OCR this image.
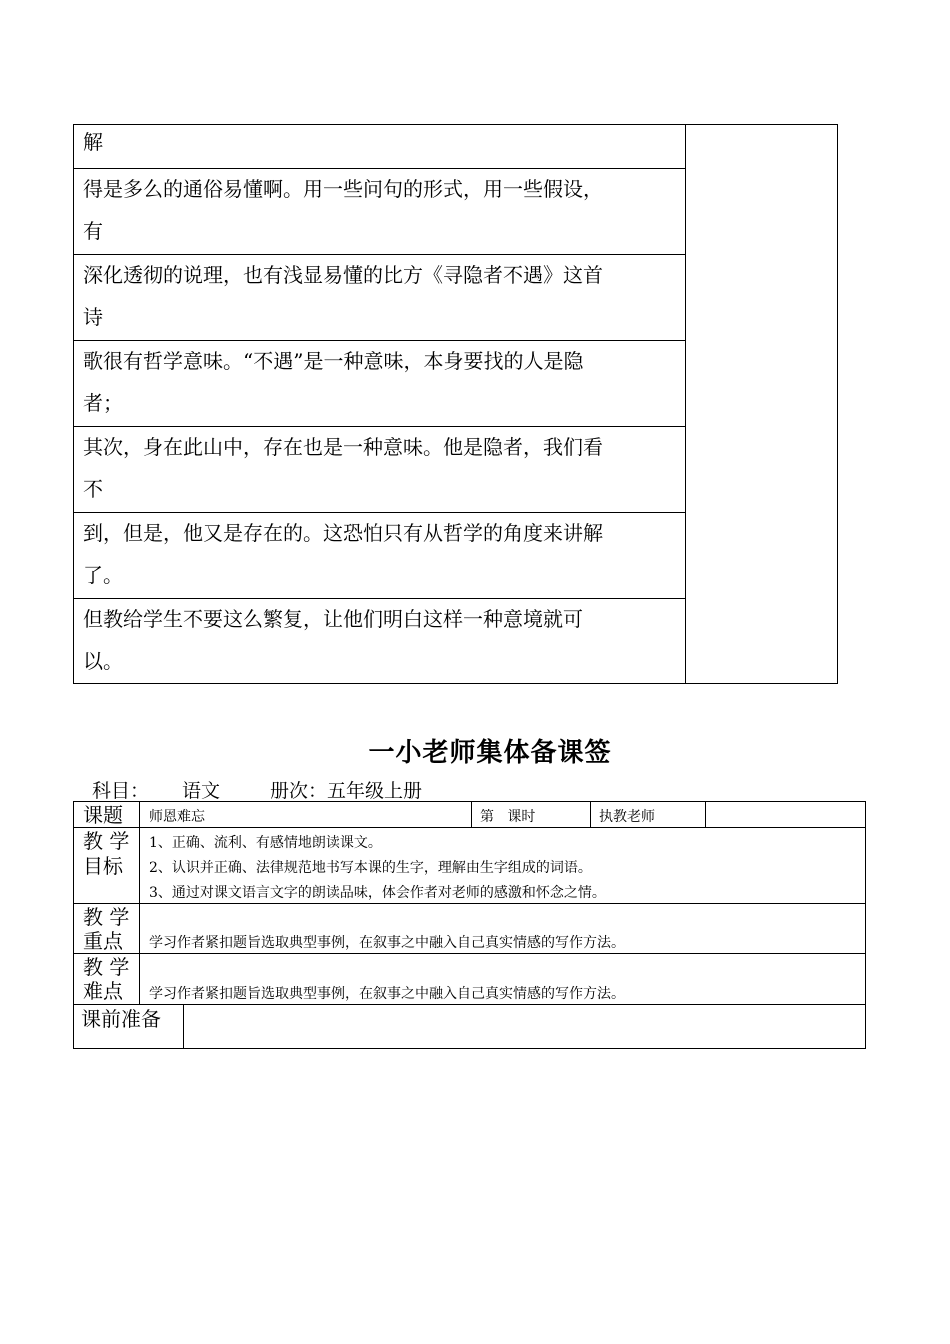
解
得是多么的通俗易懂啊。用一些问句的形式，用一些假设，
有
深化透彻的说理，也有浅显易懂的比方《寻隐者不遇》这首
诗
歌很有哲学意味。“不遇”是一种意味，本身要找的人是隐
者；
其次，身在此山中，存在也是一种意味。他是隐者，我们看
不
到，但是，他又是存在的。这恐怕只有从哲学的角度来讲解
了。
但教给学生不要这么繁复，让他们明白这样一种意境就可
以。
一小老师集体备课签
科目： 语文	册次：五年级上册
课题 师恩难忘	第   课时	执教老师
教 学
目标
1、正确、流利、有感情地朗读课文。
2、认识并正确、法律规范地书写本课的生字，理解由生字组成的词语。
3、通过对课文语言文字的朗读品味，体会作者对老师的感激和怀念之情。
教 学
重点 学习作者紧扣题旨选取典型事例，在叙事之中融入自己真实情感的写作方法。
教 学
难点 学习作者紧扣题旨选取典型事例，在叙事之中融入自己真实情感的写作方法。
课前准备
